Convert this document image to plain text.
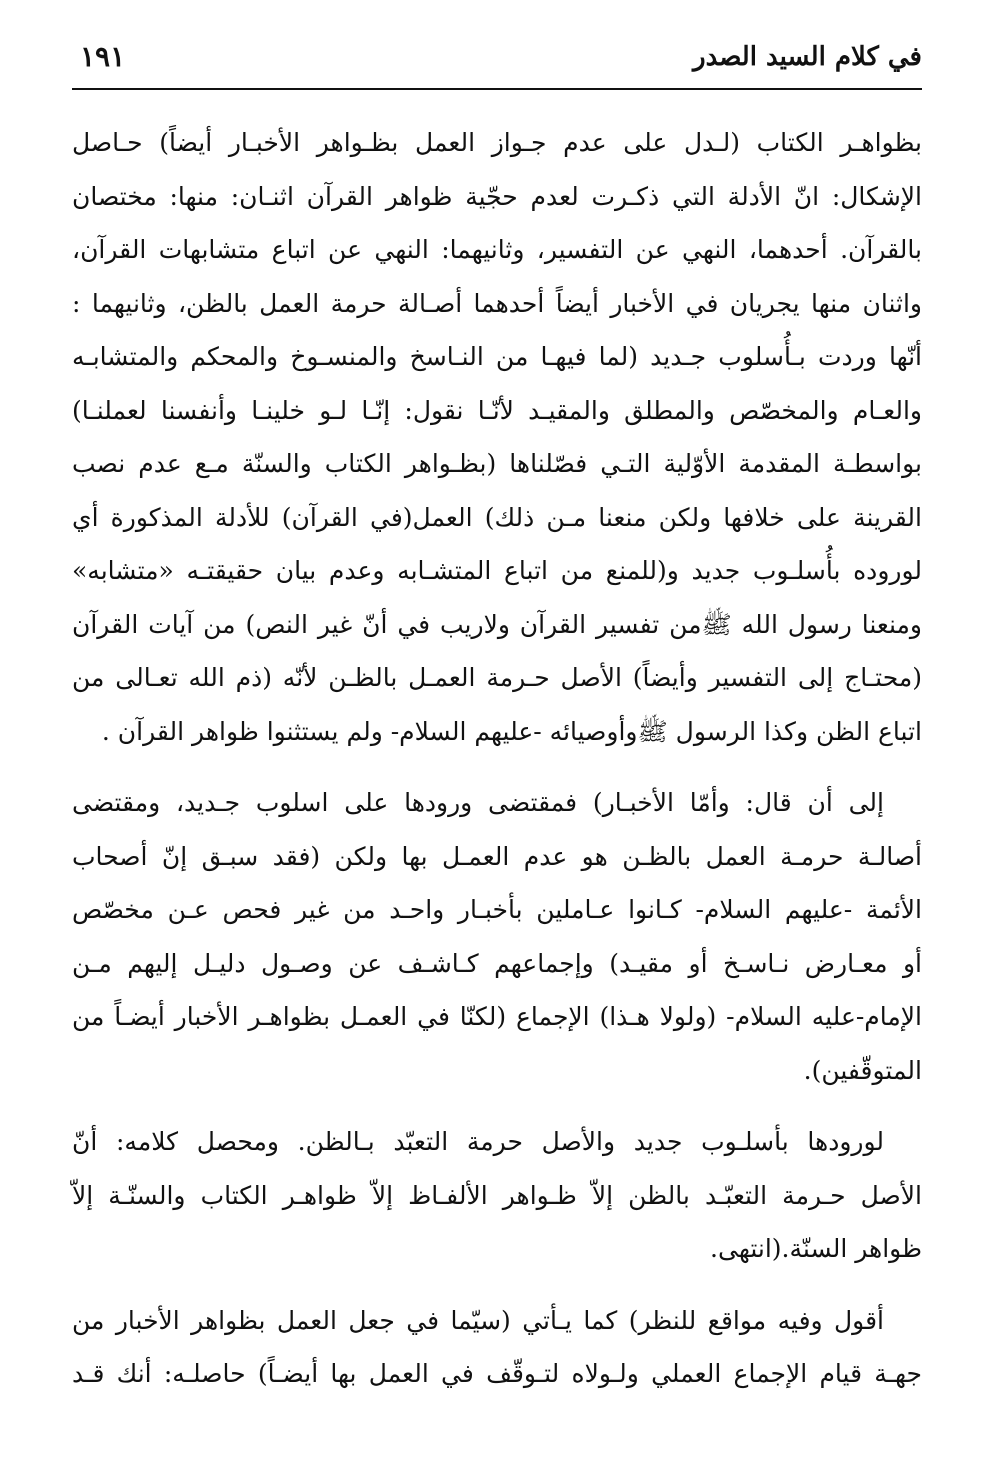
في كلام السيد الصدر
١٩١

بظواهـر الكتاب (لـدل على عدم جـواز العمل بظـواهر الأخبـار أيضاً) حـاصل
الإشكال: انّ الأدلة التي ذكـرت لعدم حجّية ظواهر القرآن اثنـان: منها: مختصان
بالقرآن. أحدهما، النهي عن التفسير، وثانيهما: النهي عن اتباع متشابهات القرآن،
واثنان منها يجريان في الأخبار أيضاً أحدهما أصـالة حرمة العمل بالظن، وثانيهما :
أنّها وردت بـأُسلوب جـديد (لما فيهـا من النـاسخ والمنسـوخ والمحكم والمتشابـه
والعـام والمخصّص والمطلق والمقيـد لأنّـا نقول: إنّـا لـو خلينـا وأنفسنا لعملنـا)
بواسطـة المقدمة الأوّلية التـي فصّلناها (بظـواهر الكتاب والسنّة مـع عدم نصب
القرينة على خلافها ولكن منعنا مـن ذلك) العمل(في القرآن) للأدلة المذكورة أي
لوروده بأُسلـوب جديد و(للمنع من اتباع المتشـابه وعدم بيان حقيقتـه «متشابه»
ومنعنا رسول الله ﷺمن تفسير القرآن ولاريب في أنّ غير النص) من آيات القرآن
(محتـاج إلى التفسير وأيضاً) الأصل حـرمة العمـل بالظـن لأنّه (ذم الله تعـالى من
اتباع الظن وكذا الرسول ﷺوأوصيائه -عليهم السلام- ولم يستثنوا ظواهر القرآن .

إلى أن قال: وأمّا الأخبـار) فمقتضى ورودها على اسلوب جـديد، ومقتضى
أصالـة حرمـة العمل بالظـن هو عدم العمـل بها ولكن (فقد سبـق إنّ أصحاب
الأئمة -عليهم السلام- كـانوا عـاملين بأخبـار واحـد من غير فحص عـن مخصّص
أو معـارض نـاسـخ أو مقيـد) وإجماعهم كـاشـف عن وصـول دليـل إليهم مـن
الإمام-عليه السلام- (ولولا هـذا) الإجماع (لكنّا في العمـل بظواهـر الأخبار أيضـاً من
المتوقّفين).

لورودها بأسلـوب جديد والأصل حرمة التعبّد بـالظن. ومحصل كلامه: أنّ
الأصل حـرمة التعبّـد بالظن إلاّ ظـواهر الألفـاظ إلاّ ظواهـر الكتاب والسنّـة إلاّ
ظواهر السنّة.(انتهى.

أقول وفيه مواقع للنظر) كما يـأتي (سيّما في جعل العمل بظواهر الأخبار من
جهـة قيام الإجماع العملي ولـولاه لتـوقّف في العمل بها أيضـاً) حاصلـه: أنك قـد
